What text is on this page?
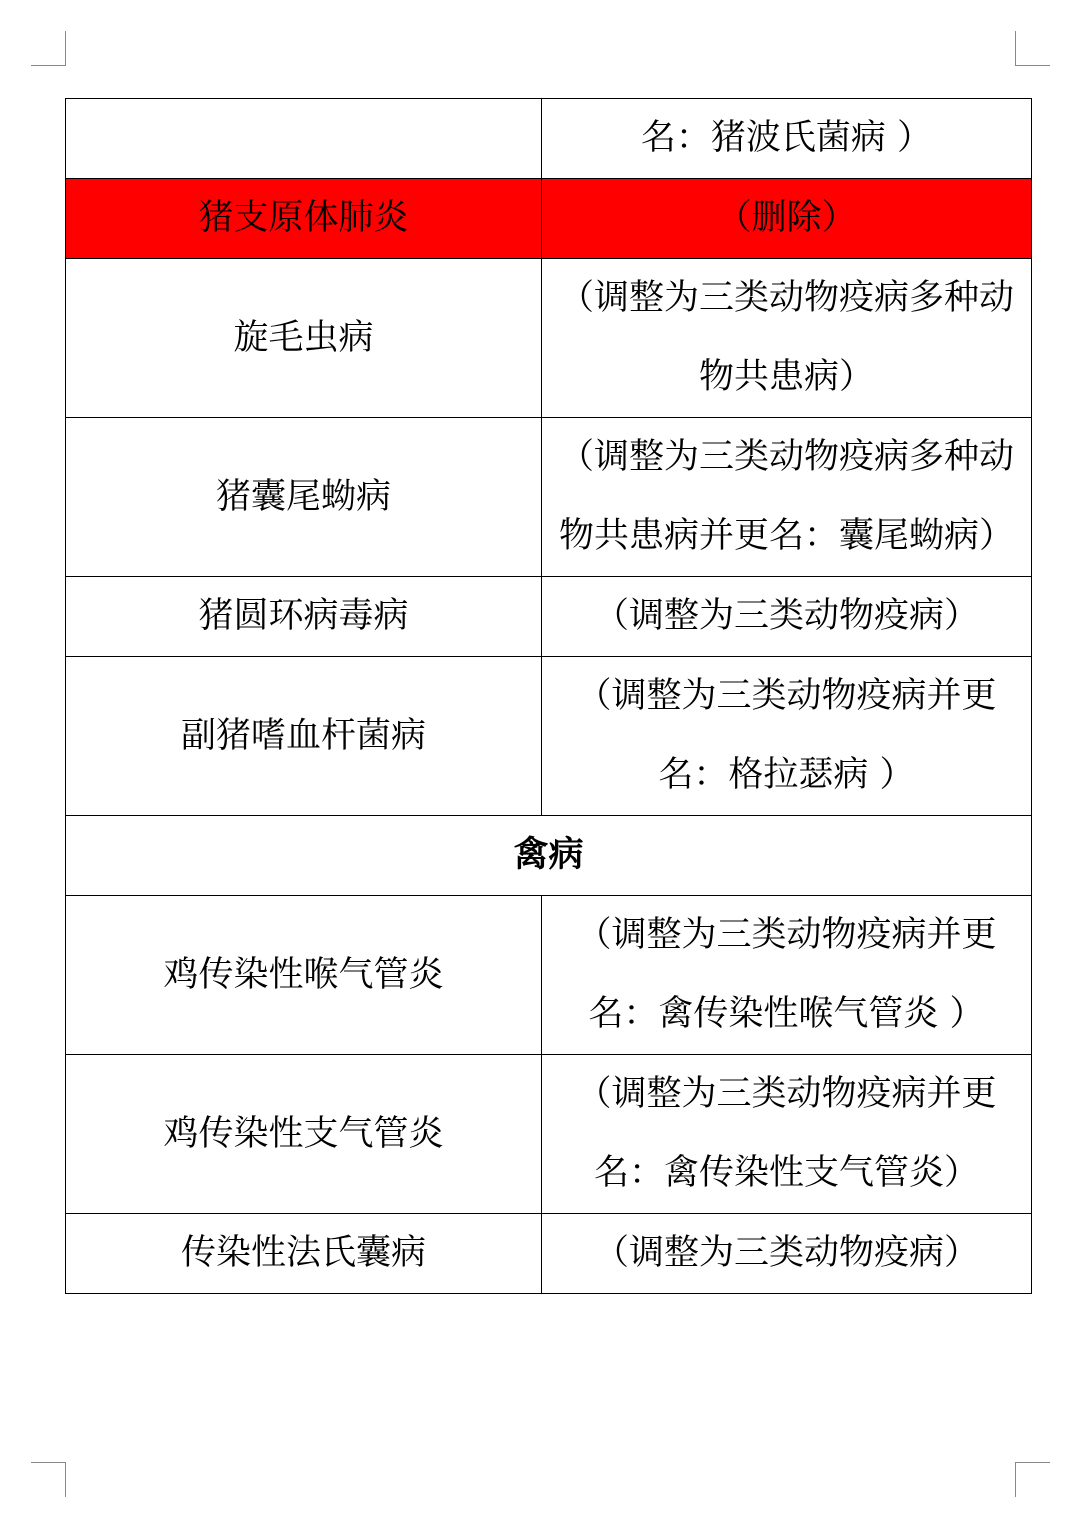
	名：猪波氏菌病 ）
猪支原体肺炎	（删除）
旋毛虫病	（调整为三类动物疫病多种动物共患病）
猪囊尾蚴病	（调整为三类动物疫病多种动物共患病并更名：囊尾蚴病）
猪圆环病毒病	（调整为三类动物疫病）
副猪嗜血杆菌病	（调整为三类动物疫病并更名：格拉瑟病 ）
禽病	
鸡传染性喉气管炎	（调整为三类动物疫病并更名：禽传染性喉气管炎 ）
鸡传染性支气管炎	（调整为三类动物疫病并更名：禽传染性支气管炎）
传染性法氏囊病	（调整为三类动物疫病）
